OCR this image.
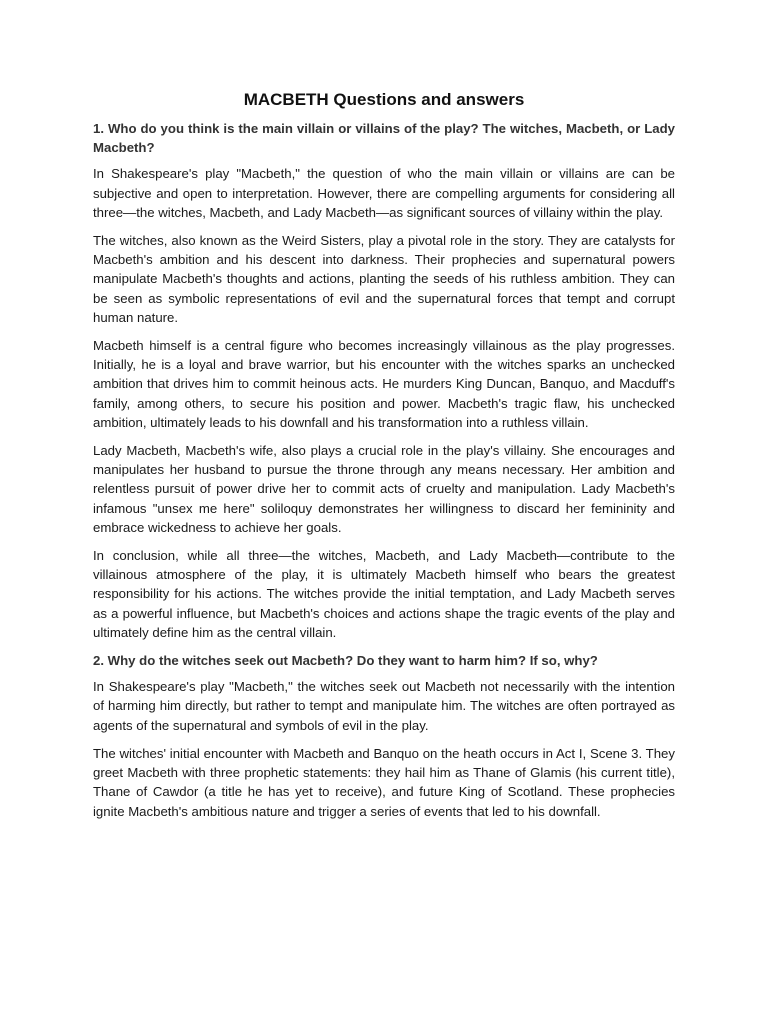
MACBETH Questions and answers

1. Who do you think is the main villain or villains of the play? The witches, Macbeth, or Lady Macbeth?

In Shakespeare's play "Macbeth," the question of who the main villain or villains are can be subjective and open to interpretation. However, there are compelling arguments for considering all three—the witches, Macbeth, and Lady Macbeth—as significant sources of villainy within the play.

The witches, also known as the Weird Sisters, play a pivotal role in the story. They are catalysts for Macbeth's ambition and his descent into darkness. Their prophecies and supernatural powers manipulate Macbeth's thoughts and actions, planting the seeds of his ruthless ambition. They can be seen as symbolic representations of evil and the supernatural forces that tempt and corrupt human nature.

Macbeth himself is a central figure who becomes increasingly villainous as the play progresses. Initially, he is a loyal and brave warrior, but his encounter with the witches sparks an unchecked ambition that drives him to commit heinous acts. He murders King Duncan, Banquo, and Macduff's family, among others, to secure his position and power. Macbeth's tragic flaw, his unchecked ambition, ultimately leads to his downfall and his transformation into a ruthless villain.

Lady Macbeth, Macbeth's wife, also plays a crucial role in the play's villainy. She encourages and manipulates her husband to pursue the throne through any means necessary. Her ambition and relentless pursuit of power drive her to commit acts of cruelty and manipulation. Lady Macbeth's infamous "unsex me here" soliloquy demonstrates her willingness to discard her femininity and embrace wickedness to achieve her goals.

In conclusion, while all three—the witches, Macbeth, and Lady Macbeth—contribute to the villainous atmosphere of the play, it is ultimately Macbeth himself who bears the greatest responsibility for his actions. The witches provide the initial temptation, and Lady Macbeth serves as a powerful influence, but Macbeth's choices and actions shape the tragic events of the play and ultimately define him as the central villain.

2. Why do the witches seek out Macbeth? Do they want to harm him? If so, why?

In Shakespeare's play "Macbeth," the witches seek out Macbeth not necessarily with the intention of harming him directly, but rather to tempt and manipulate him. The witches are often portrayed as agents of the supernatural and symbols of evil in the play.

The witches' initial encounter with Macbeth and Banquo on the heath occurs in Act I, Scene 3. They greet Macbeth with three prophetic statements: they hail him as Thane of Glamis (his current title), Thane of Cawdor (a title he has yet to receive), and future King of Scotland. These prophecies ignite Macbeth's ambitious nature and trigger a series of events that led to his downfall.
